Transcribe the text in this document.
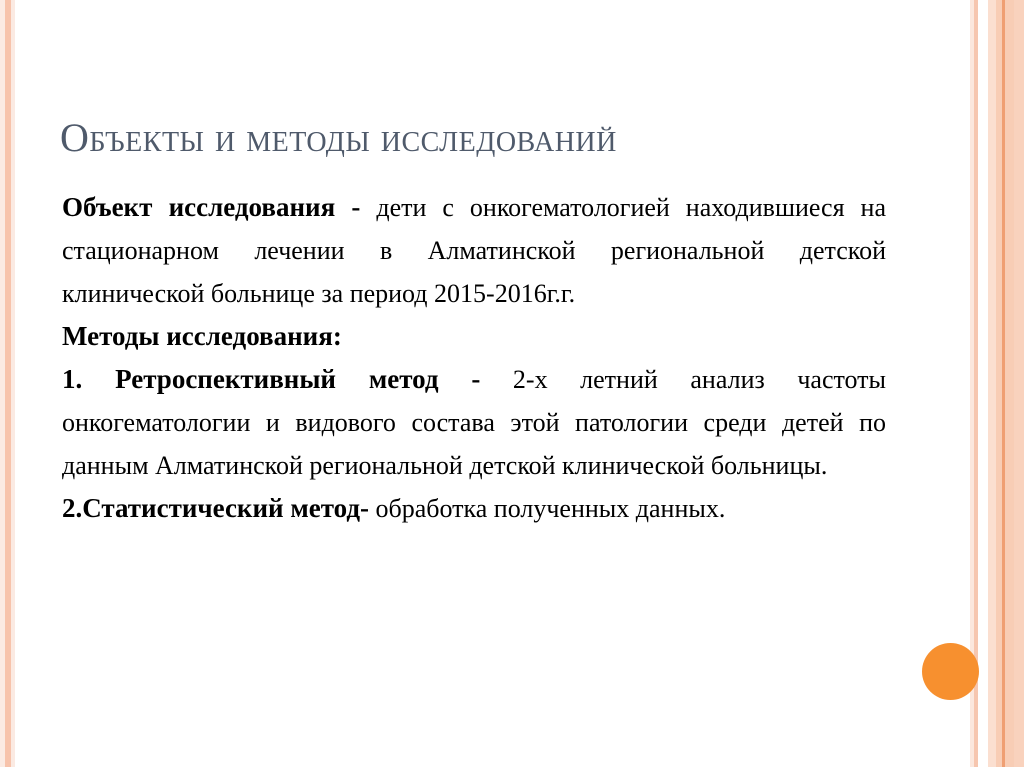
Объекты и методы исследований

Объект исследования - дети с онкогематологией находившиеся на стационарном лечении в Алматинской региональной детской клинической больнице за период 2015-2016г.г.

Методы исследования:

1. Ретроспективный метод - 2-х летний анализ частоты онкогематологии и видового состава этой патологии среди детей по данным Алматинской региональной детской клинической больницы.

2.Статистический метод- обработка полученных данных.
